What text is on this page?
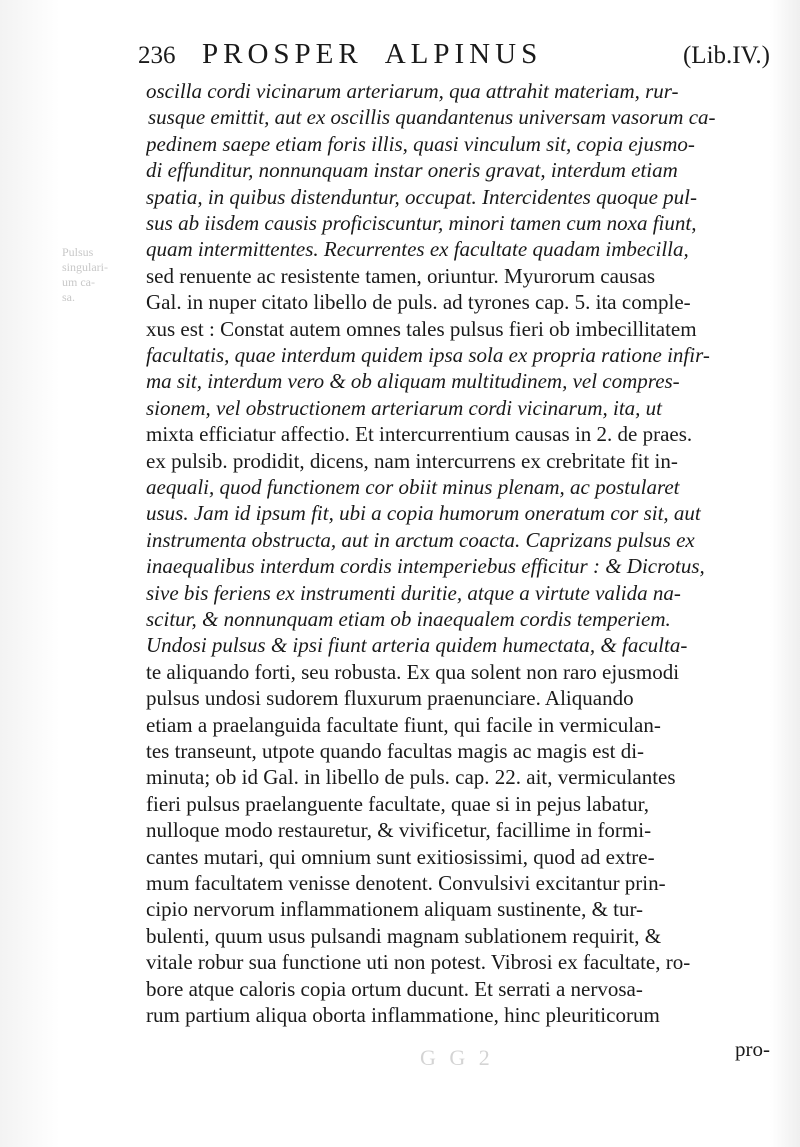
236 PROSPER ALPINUS	(Lib.IV.)
Pulsus
singulari-
um ca-
sa.
oscilla cordi vicinarum arteriarum, qua attrahit materiam, rur-
susque emittit, aut ex oscillis quandantenus universam vasorum ca-
pedinem saepe etiam foris illis, quasi vinculum sit, copia ejusmo-
di effunditur, nonnunquam instar oneris gravat, interdum etiam
spatia, in quibus distenduntur, occupat. Intercidentes quoque pul-
sus ab iisdem causis proficiscuntur, minori tamen cum noxa fiunt,
quam intermittentes. Recurrentes ex facultate quadam imbecilla,
sed renuente ac resistente tamen, oriuntur. Myurorum causas
Gal. in nuper citato libello de puls. ad tyrones cap. 5. ita comple-
xus est : Constat autem omnes tales pulsus fieri ob imbecillitatem
facultatis, quae interdum quidem ipsa sola ex propria ratione infir-
ma sit, interdum vero & ob aliquam multitudinem, vel compres-
sionem, vel obstructionem arteriarum cordi vicinarum, ita, ut
mixta efficiatur affectio. Et intercurrentium causas in 2. de praes.
ex pulsib. prodidit, dicens, nam intercurrens ex crebritate fit in-
aequali, quod functionem cor obiit minus plenam, ac postularet
usus. Jam id ipsum fit, ubi a copia humorum oneratum cor sit, aut
instrumenta obstructa, aut in arctum coacta. Caprizans pulsus ex
inaequalibus interdum cordis intemperiebus efficitur : & Dicrotus,
sive bis feriens ex instrumenti duritie, atque a virtute valida na-
scitur, & nonnunquam etiam ob inaequalem cordis temperiem.
Undosi pulsus & ipsi fiunt arteria quidem humectata, & faculta-
te aliquando forti, seu robusta. Ex qua solent non raro ejusmodi
pulsus undosi sudorem fluxurum praenunciare. Aliquando
etiam a praelanguida facultate fiunt, qui facile in vermiculan-
tes transeunt, utpote quando facultas magis ac magis est di-
minuta; ob id Gal. in libello de puls. cap. 22. ait, vermiculantes
fieri pulsus praelanguente facultate, quae si in pejus labatur,
nulloque modo restauretur, & vivificetur, facillime in formi-
cantes mutari, qui omnium sunt exitiosissimi, quod ad extre-
mum facultatem venisse denotent. Convulsivi excitantur prin-
cipio nervorum inflammationem aliquam sustinente, & tur-
bulenti, quum usus pulsandi magnam sublationem requirit, &
vitale robur sua functione uti non potest. Vibrosi ex facultate, ro-
bore atque caloris copia ortum ducunt. Et serrati a nervosa-
rum partium aliqua oborta inflammatione, hinc pleuriticorum
G G 2	pro-
